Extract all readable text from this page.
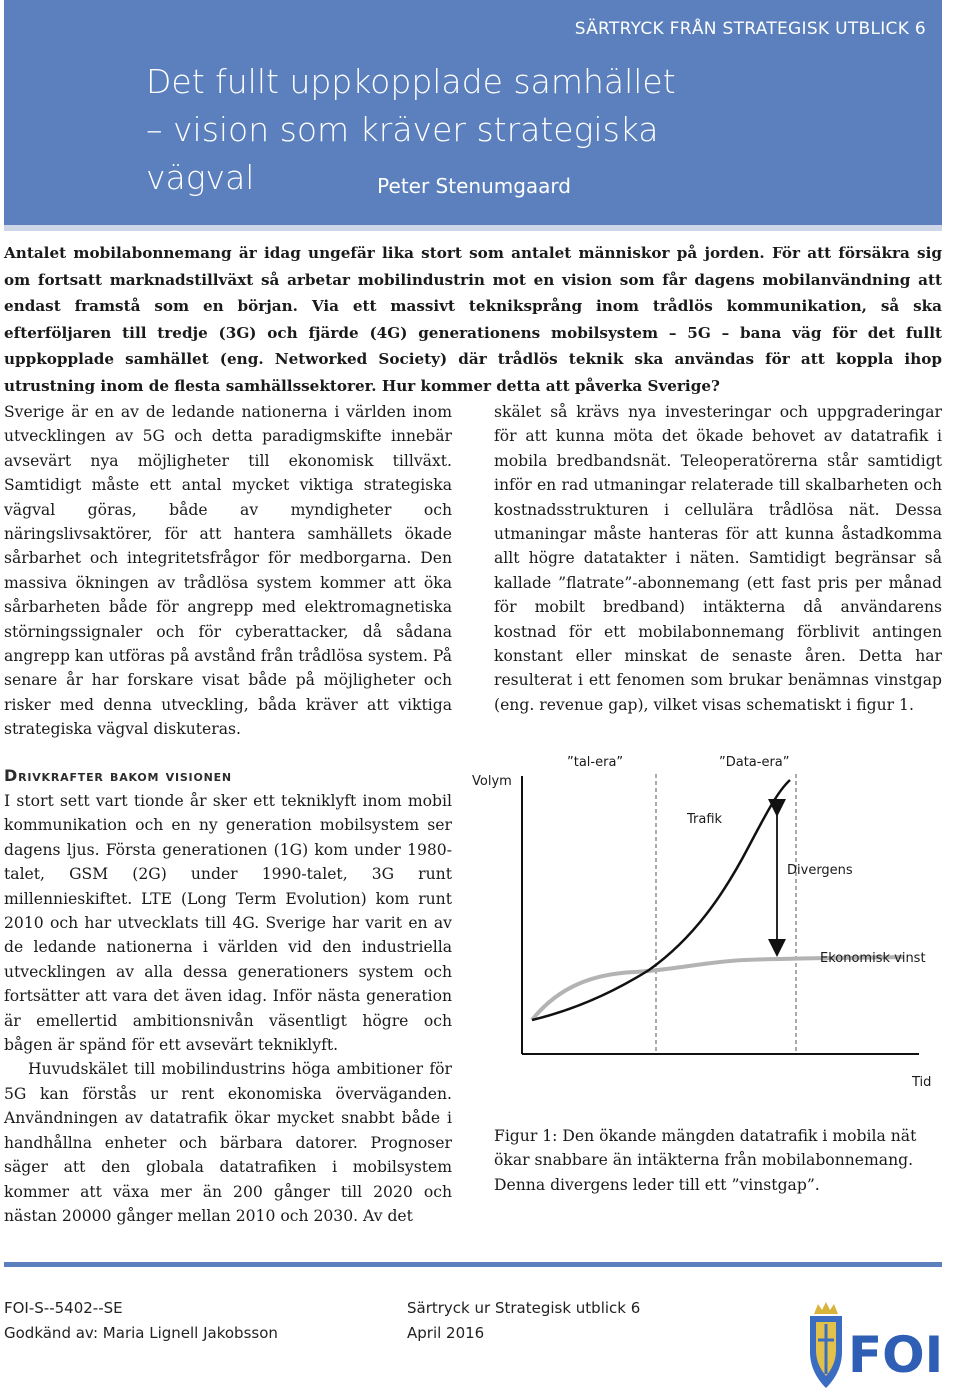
SÄRTRYCK FRÅN STRATEGISK UTBLICK 6
Det fullt uppkopplade samhället
– vision som kräver strategiska vägval	Peter Stenumgaard
Antalet mobilabonnemang är idag ungefär lika stort som antalet människor på jorden. För att försäkra sig om fortsatt marknadstillväxt så arbetar mobilindustrin mot en vision som får dagens mobilanvändning att endast framstå som en början. Via ett massivt tekniksprång inom trådlös kommunikation, så ska efterföljaren till tredje (3G) och fjärde (4G) generationens mobilsystem – 5G – bana väg för det fullt uppkopplade samhället (eng. Networked Society) där trådlös teknik ska användas för att koppla ihop utrustning inom de flesta samhällssektorer. Hur kommer detta att påverka Sverige?

Sverige är en av de ledande nationerna i världen inom utvecklingen av 5G och detta paradigmskifte innebär avsevärt nya möjligheter till ekonomisk tillväxt. Samtidigt måste ett antal mycket viktiga strategiska vägval göras, både av myndigheter och näringslivsaktörer, för att hantera samhällets ökade sårbarhet och integritetsfrågor för medborgarna. Den massiva ökningen av trådlösa system kommer att öka sårbarheten både för angrepp med elektromagnetiska störningssignaler och för cyberattacker, då sådana angrepp kan utföras på avstånd från trådlösa system. På senare år har forskare visat både på möjligheter och risker med denna utveckling, båda kräver att viktiga strategiska vägval diskuteras.

skälet så krävs nya investeringar och uppgraderingar för att kunna möta det ökade behovet av datatrafik i mobila bredbandsnät. Teleoperatörerna står samtidigt inför en rad utmaningar relaterade till skalbarheten och kostnadsstrukturen i cellulära trådlösa nät. Dessa utmaningar måste hanteras för att kunna åstadkomma allt högre datatakter i näten. Samtidigt begränsar så kallade ”flatrate”-abonnemang (ett fast pris per månad för mobilt bredband) intäkterna då användarens kostnad för ett mobilabonnemang förblivit antingen konstant eller minskat de senaste åren. Detta har resulterat i ett fenomen som brukar benämnas vinstgap (eng. revenue gap), vilket visas schematiskt i figur 1.

Drivkrafter bakom visionen

I stort sett vart tionde år sker ett tekniklyft inom mobil kommunikation och en ny generation mobilsystem ser dagens ljus. Första generationen (1G) kom under 1980-talet, GSM (2G) under 1990-talet, 3G runt millennieskiftet. LTE (Long Term Evolution) kom runt 2010 och har utvecklats till 4G. Sverige har varit en av de ledande nationerna i världen vid den industriella utvecklingen av alla dessa generationers system och fortsätter att vara det även idag. Inför nästa generation är emellertid ambitionsnivån väsentligt högre och bågen är spänd för ett avsevärt tekniklyft.

Huvudskälet till mobilindustrins höga ambitioner för 5G kan förstås ur rent ekonomiska överväganden. Användningen av datatrafik ökar mycket snabbt både i handhållna enheter och bärbara datorer. Prognoser säger att den globala datatrafiken i mobilsystem kommer att växa mer än 200 gånger till 2020 och nästan 20000 gånger mellan 2010 och 2030. Av det

Volym
Tid
”tal-era”	”Data-era”
Trafik
Divergens
Ekonomisk vinst
Figur 1: Den ökande mängden datatrafik i mobila nät ökar snabbare än intäkterna från mobilabonnemang. Denna divergens leder till ett ”vinstgap”.
FOI-S--5402--SE
Godkänd av: Maria Lignell Jakobsson
Särtryck ur Strategisk utblick 6
April 2016	FOI
